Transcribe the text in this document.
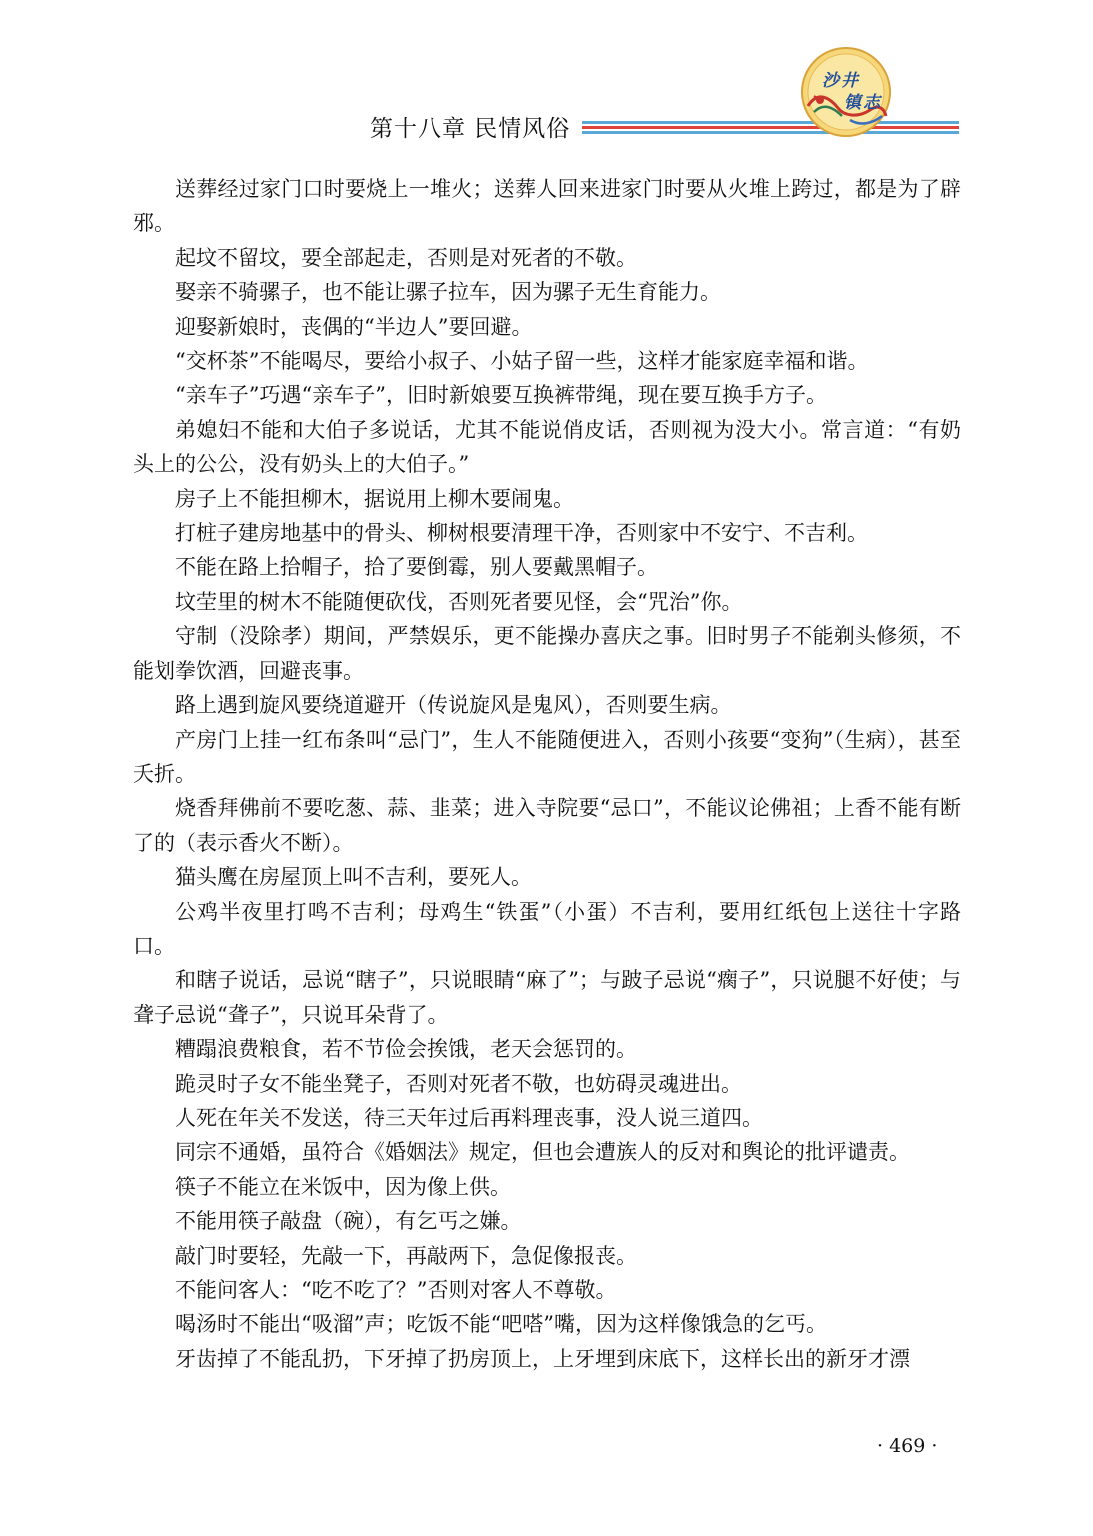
第十八章 民情风俗
沙井
镇志

送葬经过家门口时要烧上一堆火；送葬人回来进家门时要从火堆上跨过，都是为了辟邪。

起坟不留坟，要全部起走，否则是对死者的不敬。

娶亲不骑骡子，也不能让骡子拉车，因为骡子无生育能力。

迎娶新娘时，丧偶的“半边人”要回避。

“交杯茶”不能喝尽，要给小叔子、小姑子留一些，这样才能家庭幸福和谐。

“亲车子”巧遇“亲车子”，旧时新娘要互换裤带绳，现在要互换手方子。

弟媳妇不能和大伯子多说话，尤其不能说俏皮话，否则视为没大小。常言道：“有奶头上的公公，没有奶头上的大伯子。”

房子上不能担柳木，据说用上柳木要闹鬼。

打桩子建房地基中的骨头、柳树根要清理干净，否则家中不安宁、不吉利。

不能在路上拾帽子，拾了要倒霉，别人要戴黑帽子。

坟茔里的树木不能随便砍伐，否则死者要见怪，会“咒治”你。

守制（没除孝）期间，严禁娱乐，更不能操办喜庆之事。旧时男子不能剃头修须，不能划拳饮酒，回避丧事。

路上遇到旋风要绕道避开（传说旋风是鬼风），否则要生病。

产房门上挂一红布条叫“忌门”，生人不能随便进入，否则小孩要“变狗”（生病），甚至夭折。

烧香拜佛前不要吃葱、蒜、韭菜；进入寺院要“忌口”，不能议论佛祖；上香不能有断了的（表示香火不断）。

猫头鹰在房屋顶上叫不吉利，要死人。

公鸡半夜里打鸣不吉利；母鸡生“铁蛋”（小蛋）不吉利，要用红纸包上送往十字路口。

和瞎子说话，忌说“瞎子”，只说眼睛“麻了”；与跛子忌说“瘸子”，只说腿不好使；与聋子忌说“聋子”，只说耳朵背了。

糟蹋浪费粮食，若不节俭会挨饿，老天会惩罚的。

跪灵时子女不能坐凳子，否则对死者不敬，也妨碍灵魂进出。

人死在年关不发送，待三天年过后再料理丧事，没人说三道四。

同宗不通婚，虽符合《婚姻法》规定，但也会遭族人的反对和舆论的批评谴责。

筷子不能立在米饭中，因为像上供。

不能用筷子敲盘（碗），有乞丐之嫌。

敲门时要轻，先敲一下，再敲两下，急促像报丧。

不能问客人：“吃不吃了？”否则对客人不尊敬。

喝汤时不能出“吸溜”声；吃饭不能“吧嗒”嘴，因为这样像饿急的乞丐。

牙齿掉了不能乱扔，下牙掉了扔房顶上，上牙埋到床底下，这样长出的新牙才漂

· 469 ·
